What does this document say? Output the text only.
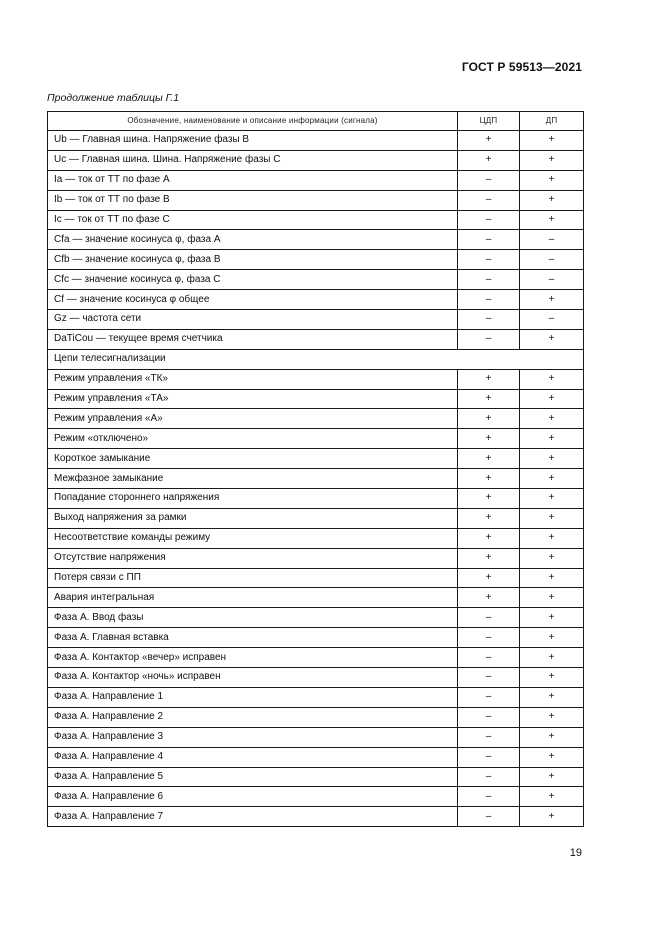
ГОСТ Р 59513—2021
Продолжение таблицы Г.1
Обозначение, наименование и описание информации (сигнала)	ЦДП	ДП
Ub — Главная шина. Напряжение фазы B	+	+
Uc — Главная шина. Шина. Напряжение фазы C	+	+
Ia — ток от ТТ по фазе A	–	+
Ib — ток от ТТ по фазе B	–	+
Ic — ток от ТТ по фазе C	–	+
Cfa — значение косинуса φ, фаза A	–	–
Cfb — значение косинуса φ, фаза B	–	–
Cfc — значение косинуса φ, фаза C	–	–
Cf — значение косинуса φ общее	–	+
Gz — частота сети	–	–
DaTiCou — текущее время счетчика	–	+
Цепи телесигнализации		
Режим управления «ТК»	+	+
Режим управления «ТА»	+	+
Режим управления «А»	+	+
Режим «отключено»	+	+
Короткое замыкание	+	+
Межфазное замыкание	+	+
Попадание стороннего напряжения	+	+
Выход напряжения за рамки	+	+
Несоответствие команды режиму	+	+
Отсутствие напряжения	+	+
Потеря связи с ПП	+	+
Авария интегральная	+	+
Фаза A. Ввод фазы	–	+
Фаза A. Главная вставка	–	+
Фаза A. Контактор «вечер» исправен	–	+
Фаза A. Контактор «ночь» исправен	–	+
Фаза A. Направление 1	–	+
Фаза A. Направление 2	–	+
Фаза A. Направление 3	–	+
Фаза A. Направление 4	–	+
Фаза A. Направление 5	–	+
Фаза A. Направление 6	–	+
Фаза A. Направление 7	–	+
19
